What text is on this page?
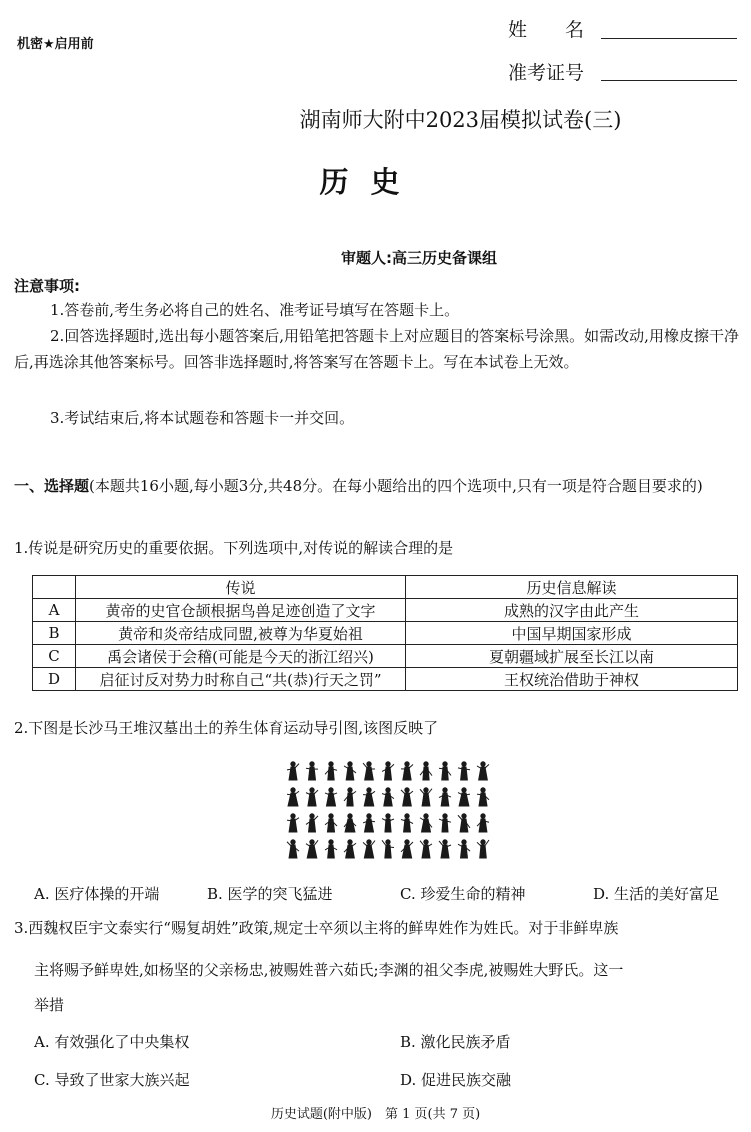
机密★启用前
姓　　名
准考证号
湖南师大附中2023届模拟试卷(三)
历史
审题人:高三历史备课组
注意事项:
1.答卷前,考生务必将自己的姓名、准考证号填写在答题卡上。
2.回答选择题时,选出每小题答案后,用铅笔把答题卡上对应题目的答案标号涂黑。如需改动,用橡皮擦干净后,再选涂其他答案标号。回答非选择题时,将答案写在答题卡上。写在本试卷上无效。
3.考试结束后,将本试题卷和答题卡一并交回。
一、选择题(本题共16小题,每小题3分,共48分。在每小题给出的四个选项中,只有一项是符合题目要求的)
1.传说是研究历史的重要依据。下列选项中,对传说的解读合理的是
	传说	历史信息解读
A	黄帝的史官仓颉根据鸟兽足迹创造了文字	成熟的汉字由此产生
B	黄帝和炎帝结成同盟,被尊为华夏始祖	中国早期国家形成
C	禹会诸侯于会稽(可能是今天的浙江绍兴)	夏朝疆域扩展至长江以南
D	启征讨反对势力时称自己“共(恭)行天之罚”	王权统治借助于神权
2.下图是长沙马王堆汉墓出土的养生体育运动导引图,该图反映了
A. 医疗体操的开端	B. 医学的突飞猛进	C. 珍爱生命的精神	D. 生活的美好富足
3.西魏权臣宇文泰实行“赐复胡姓”政策,规定士卒须以主将的鲜卑姓作为姓氏。对于非鲜卑族
主将赐予鲜卑姓,如杨坚的父亲杨忠,被赐姓普六茹氏;李渊的祖父李虎,被赐姓大野氏。这一
举措
A. 有效强化了中央集权	B. 激化民族矛盾
C. 导致了世家大族兴起	D. 促进民族交融
历史试题(附中版)　第 1 页(共 7 页)
